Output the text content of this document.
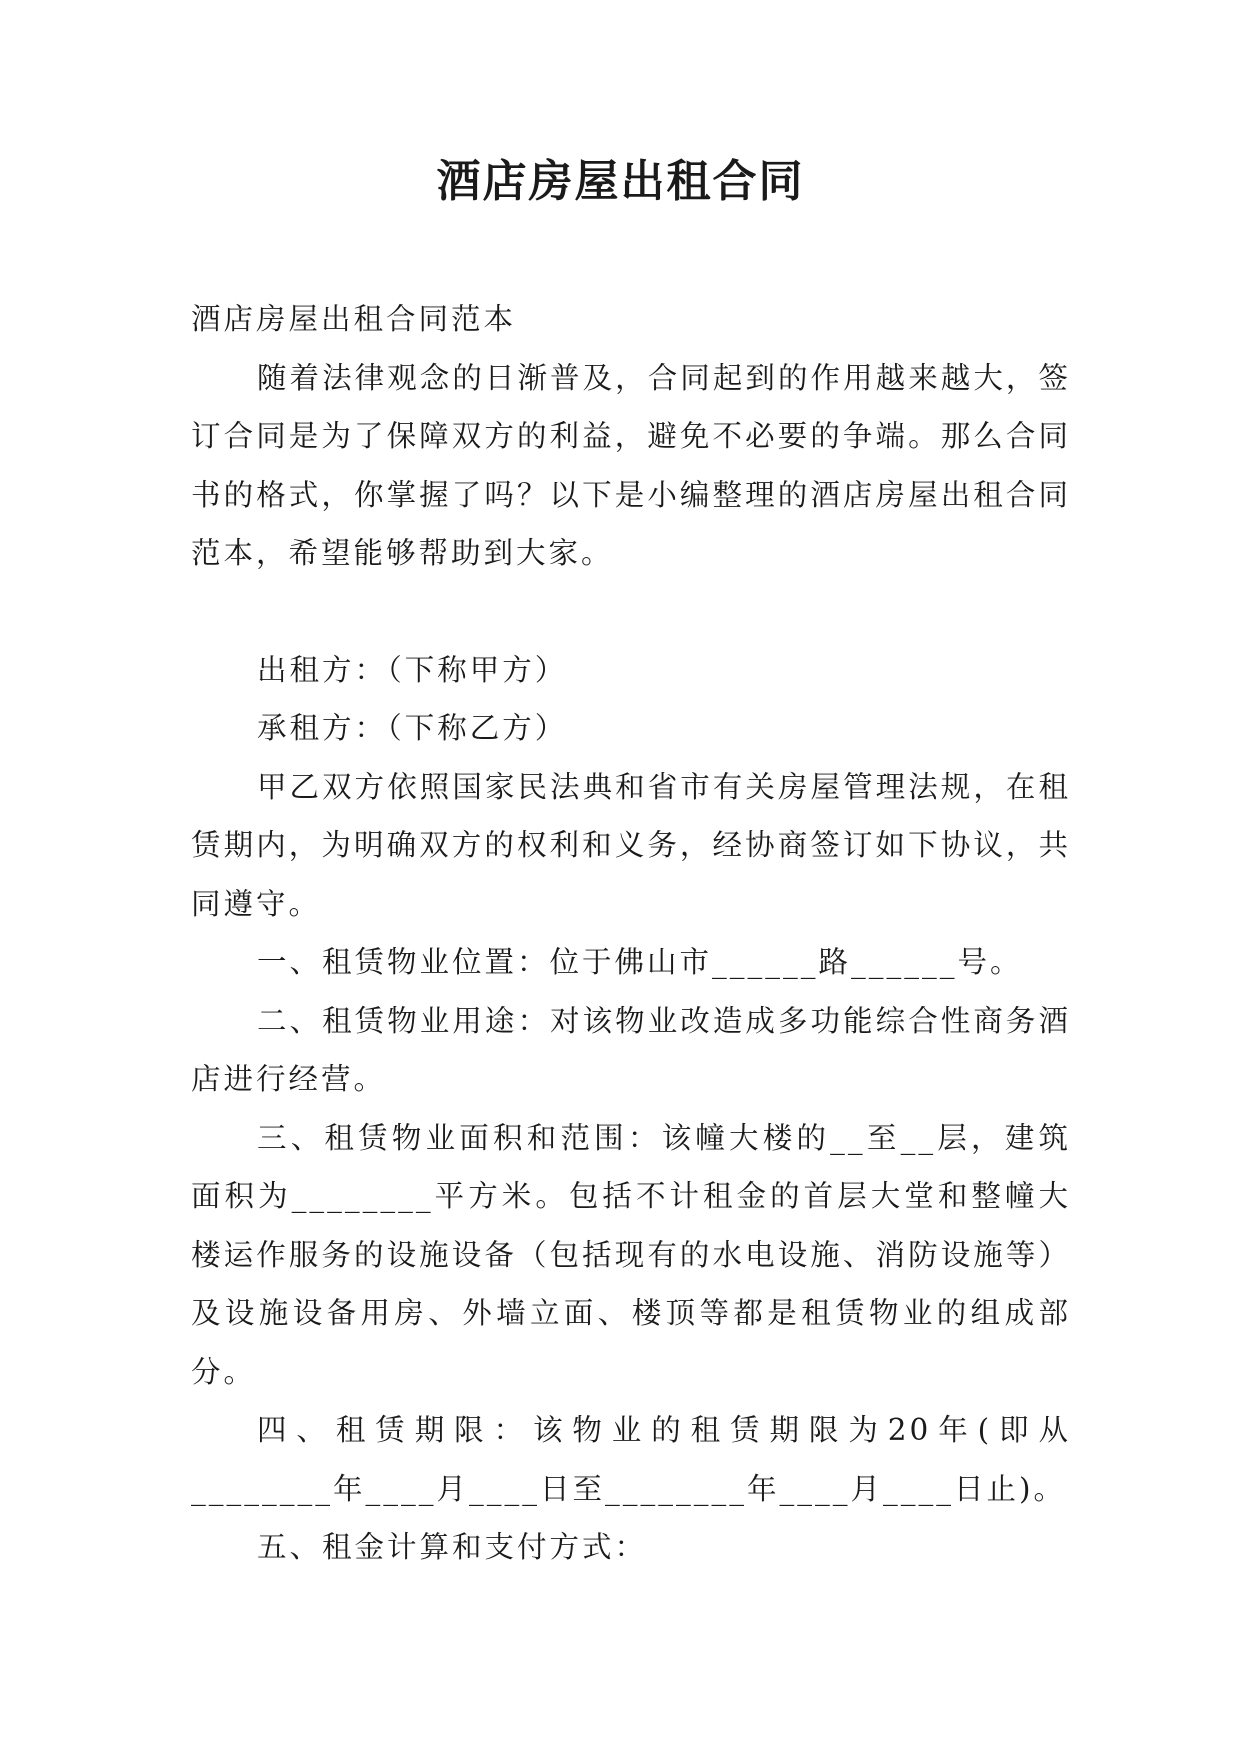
酒店房屋出租合同

酒店房屋出租合同范本

随着法律观念的日渐普及，合同起到的作用越来越大，签订合同是为了保障双方的利益，避免不必要的争端。那么合同书的格式，你掌握了吗？以下是小编整理的酒店房屋出租合同范本，希望能够帮助到大家。

出租方：（下称甲方）

承租方：（下称乙方）

甲乙双方依照国家民法典和省市有关房屋管理法规，在租赁期内，为明确双方的权利和义务，经协商签订如下协议，共同遵守。

一、租赁物业位置：位于佛山市______路______号。

二、租赁物业用途：对该物业改造成多功能综合性商务酒店进行经营。

三、租赁物业面积和范围：该幢大楼的__至__层，建筑面积为________平方米。包括不计租金的首层大堂和整幢大楼运作服务的设施设备（包括现有的水电设施、消防设施等）及设施设备用房、外墙立面、楼顶等都是租赁物业的组成部分。

四、租赁期限：该物业的租赁期限为20年(即从________年____月____日至________年____月____日止)。

五、租金计算和支付方式：
